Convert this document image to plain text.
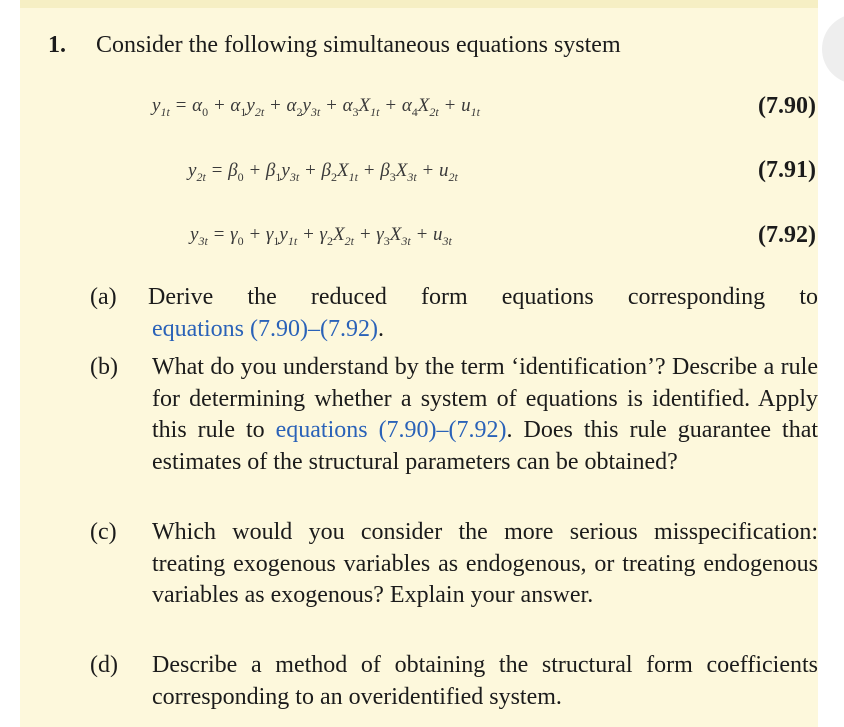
1. Consider the following simultaneous equations system
$y_{1t} = \alpha_0 + \alpha_1y_{2t} + \alpha_2y_{3t} + \alpha_3X_{1t} + \alpha_4X_{2t} + u_{1t}$	(7.90)
$y_{2t} = \beta_0 + \beta_1y_{3t} + \beta_2X_{1t} + \beta_3X_{3t} + u_{2t}$	(7.91)
$y_{3t} = \gamma_0 + \gamma_1y_{1t} + \gamma_2X_{2t} + \gamma_3X_{3t} + u_{3t}$	(7.92)
(a) Derive the reduced form equations corresponding to
equations (7.90)–(7.92).
(b) What do you understand by the term ‘identification’? Describe a rule for determining whether a system of equations is identified. Apply this rule to equations (7.90)–(7.92). Does this rule guarantee that estimates of the structural parameters can be obtained?
(c) Which would you consider the more serious misspecification: treating exogenous variables as endogenous, or treating endogenous variables as exogenous? Explain your answer.
(d) Describe a method of obtaining the structural form coefficients corresponding to an overidentified system.
